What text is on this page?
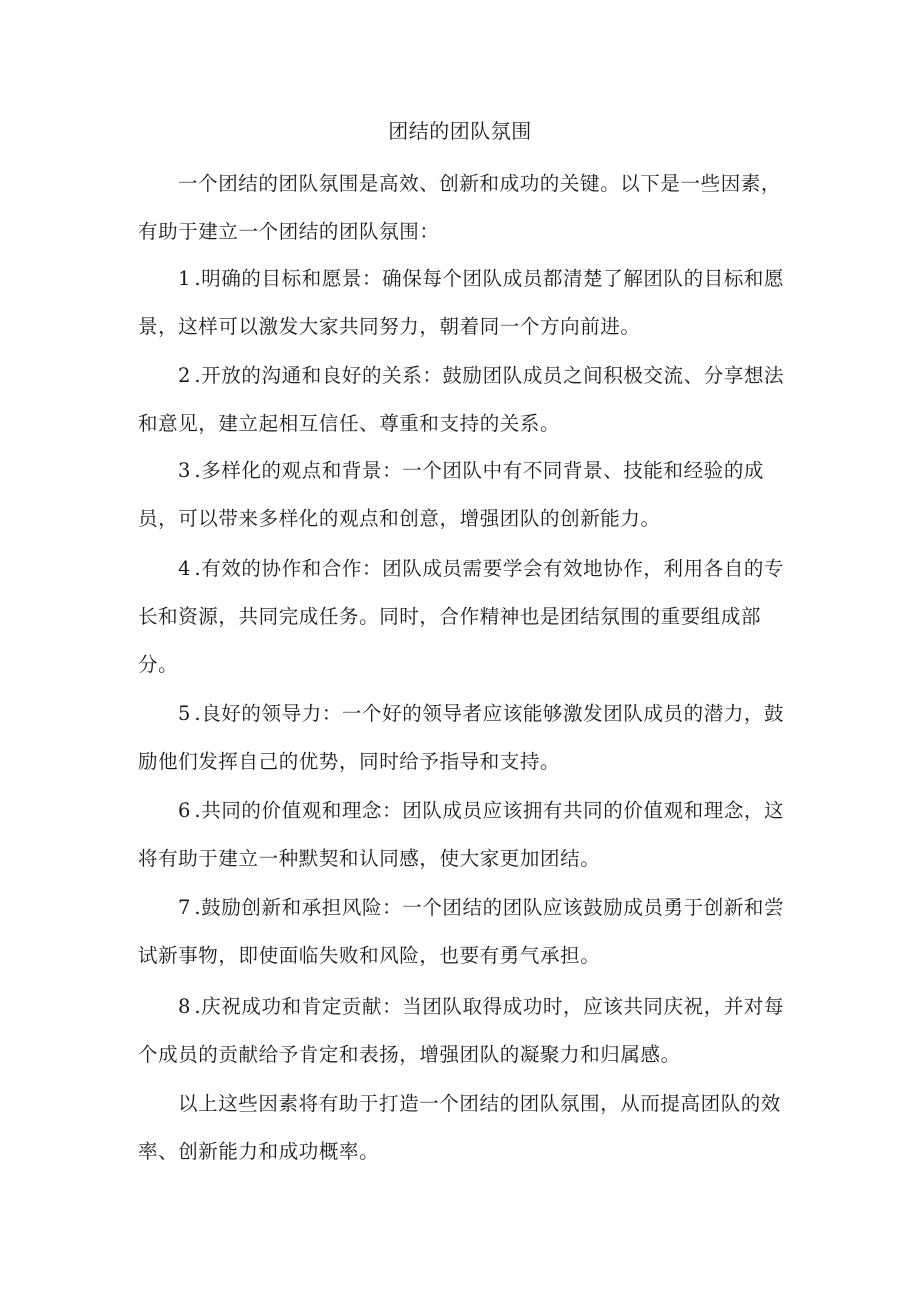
团结的团队氛围

一个团结的团队氛围是高效、创新和成功的关键。以下是一些因素，有助于建立一个团结的团队氛围：

1.明确的目标和愿景：确保每个团队成员都清楚了解团队的目标和愿景，这样可以激发大家共同努力，朝着同一个方向前进。

2.开放的沟通和良好的关系：鼓励团队成员之间积极交流、分享想法和意见，建立起相互信任、尊重和支持的关系。

3.多样化的观点和背景：一个团队中有不同背景、技能和经验的成员，可以带来多样化的观点和创意，增强团队的创新能力。

4.有效的协作和合作：团队成员需要学会有效地协作，利用各自的专长和资源，共同完成任务。同时，合作精神也是团结氛围的重要组成部分。

5.良好的领导力：一个好的领导者应该能够激发团队成员的潜力，鼓励他们发挥自己的优势，同时给予指导和支持。

6.共同的价值观和理念：团队成员应该拥有共同的价值观和理念，这将有助于建立一种默契和认同感，使大家更加团结。

7.鼓励创新和承担风险：一个团结的团队应该鼓励成员勇于创新和尝试新事物，即使面临失败和风险，也要有勇气承担。

8.庆祝成功和肯定贡献：当团队取得成功时，应该共同庆祝，并对每个成员的贡献给予肯定和表扬，增强团队的凝聚力和归属感。

以上这些因素将有助于打造一个团结的团队氛围，从而提高团队的效率、创新能力和成功概率。
